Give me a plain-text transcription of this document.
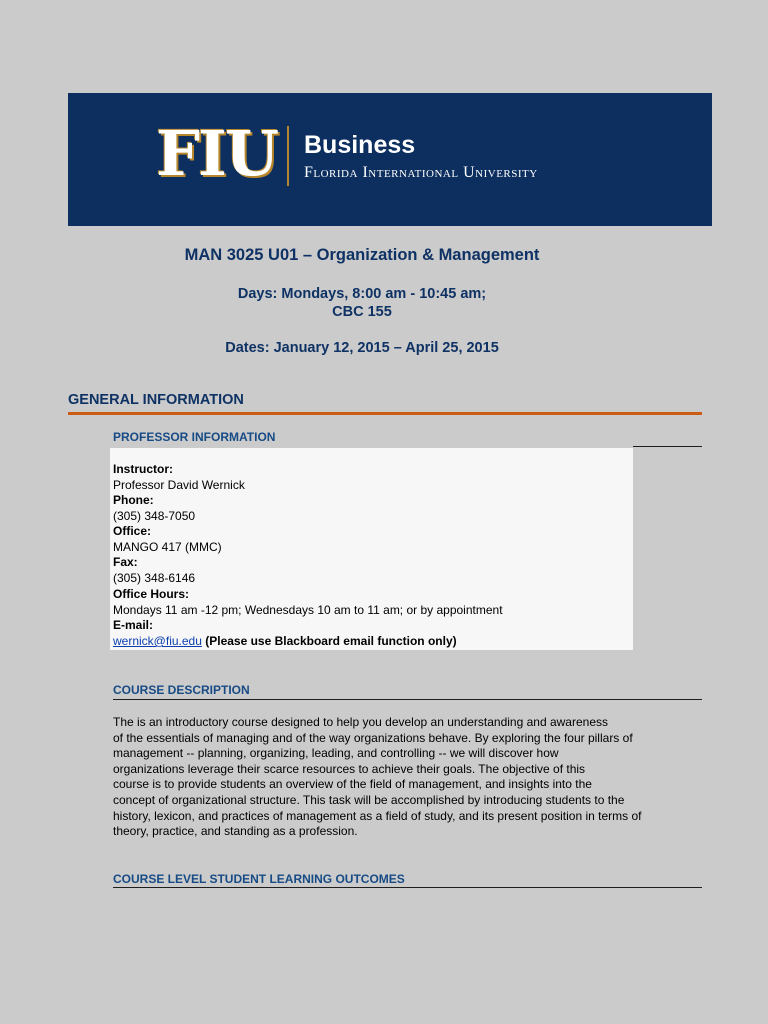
FIU Business
Florida International University
MAN 3025 U01 – Organization & Management
Days: Mondays, 8:00 am - 10:45 am;
CBC 155
Dates: January 12, 2015 – April 25, 2015
GENERAL INFORMATION
PROFESSOR INFORMATION
Instructor:
Professor David Wernick
Phone:
(305) 348-7050
Office:
MANGO 417 (MMC)
Fax:
(305) 348-6146
Office Hours:
Mondays 11 am -12 pm; Wednesdays 10 am to 11 am; or by appointment
E-mail:
wernick@fiu.edu (Please use Blackboard email function only)
COURSE DESCRIPTION
The is an introductory course designed to help you develop an understanding and awareness
of the essentials of managing and of the way organizations behave. By exploring the four pillars of
management -- planning, organizing, leading, and controlling -- we will discover how
organizations leverage their scarce resources to achieve their goals. The objective of this
course is to provide students an overview of the field of management, and insights into the
concept of organizational structure. This task will be accomplished by introducing students to the
history, lexicon, and practices of management as a field of study, and its present position in terms of
theory, practice, and standing as a profession.
COURSE LEVEL STUDENT LEARNING OUTCOMES
